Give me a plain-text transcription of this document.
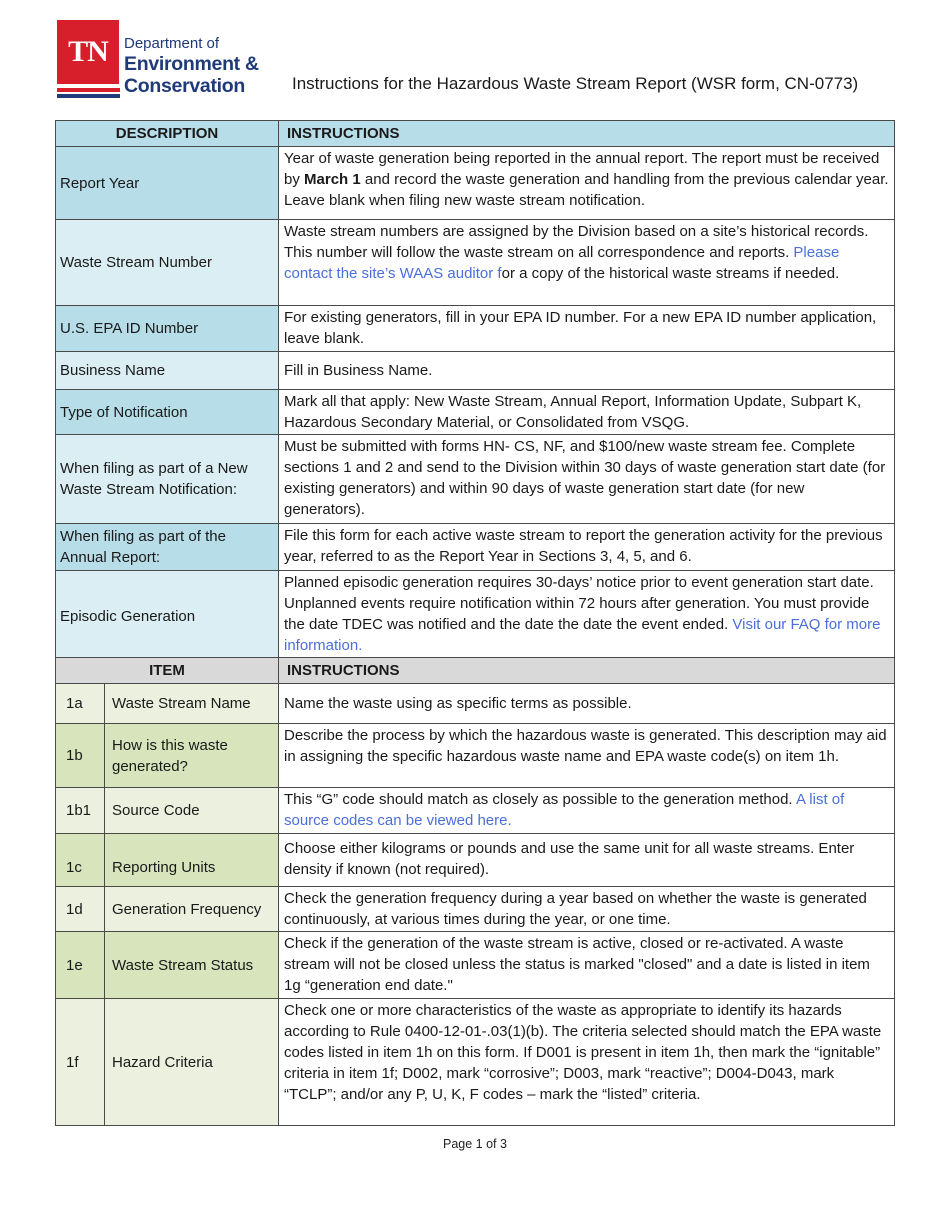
TN	Department of
Environment &
Conservation	Instructions for the Hazardous Waste Stream Report (WSR form, CN-0773)
DESCRIPTION	INSTRUCTIONS
Report Year	Year of waste generation being reported in the annual report. The report must be received by March 1 and record the waste generation and handling from the previous calendar year. Leave blank when filing new waste stream notification.
Waste Stream Number	Waste stream numbers are assigned by the Division based on a site’s historical records. This number will follow the waste stream on all correspondence and reports. Please contact the site’s WAAS auditor for a copy of the historical waste streams if needed.
U.S. EPA ID Number	For existing generators, fill in your EPA ID number. For a new EPA ID number application, leave blank.
Business Name	Fill in Business Name.
Type of Notification	Mark all that apply: New Waste Stream, Annual Report, Information Update, Subpart K, Hazardous Secondary Material, or Consolidated from VSQG.
When filing as part of a New Waste Stream Notification:	Must be submitted with forms HN- CS, NF, and $100/new waste stream fee. Complete sections 1 and 2 and send to the Division within 30 days of waste generation start date (for existing generators) and within 90 days of waste generation start date (for new generators).
When filing as part of the Annual Report:	File this form for each active waste stream to report the generation activity for the previous year, referred to as the Report Year in Sections 3, 4, 5, and 6.
Episodic Generation	Planned episodic generation requires 30-days’ notice prior to event generation start date. Unplanned events require notification within 72 hours after generation. You must provide the date TDEC was notified and the date the date the event ended. Visit our FAQ for more information.
ITEM		INSTRUCTIONS
1a	Waste Stream Name	Name the waste using as specific terms as possible.
1b	How is this waste generated?	Describe the process by which the hazardous waste is generated. This description may aid in assigning the specific hazardous waste name and EPA waste code(s) on item 1h.
1b1	Source Code	This “G” code should match as closely as possible to the generation method. A list of source codes can be viewed here.
1c	Reporting Units	Choose either kilograms or pounds and use the same unit for all waste streams. Enter density if known (not required).
1d	Generation Frequency	Check the generation frequency during a year based on whether the waste is generated continuously, at various times during the year, or one time.
1e	Waste Stream Status	Check if the generation of the waste stream is active, closed or re-activated. A waste stream will not be closed unless the status is marked "closed" and a date is listed in item 1g “generation end date."
1f	Hazard Criteria	Check one or more characteristics of the waste as appropriate to identify its hazards according to Rule 0400-12-01-.03(1)(b). The criteria selected should match the EPA waste codes listed in item 1h on this form. If D001 is present in item 1h, then mark the “ignitable” criteria in item 1f; D002, mark “corrosive”; D003, mark “reactive”; D004-D043, mark “TCLP”; and/or any P, U, K, F codes – mark the “listed” criteria.
Page 1 of 3
